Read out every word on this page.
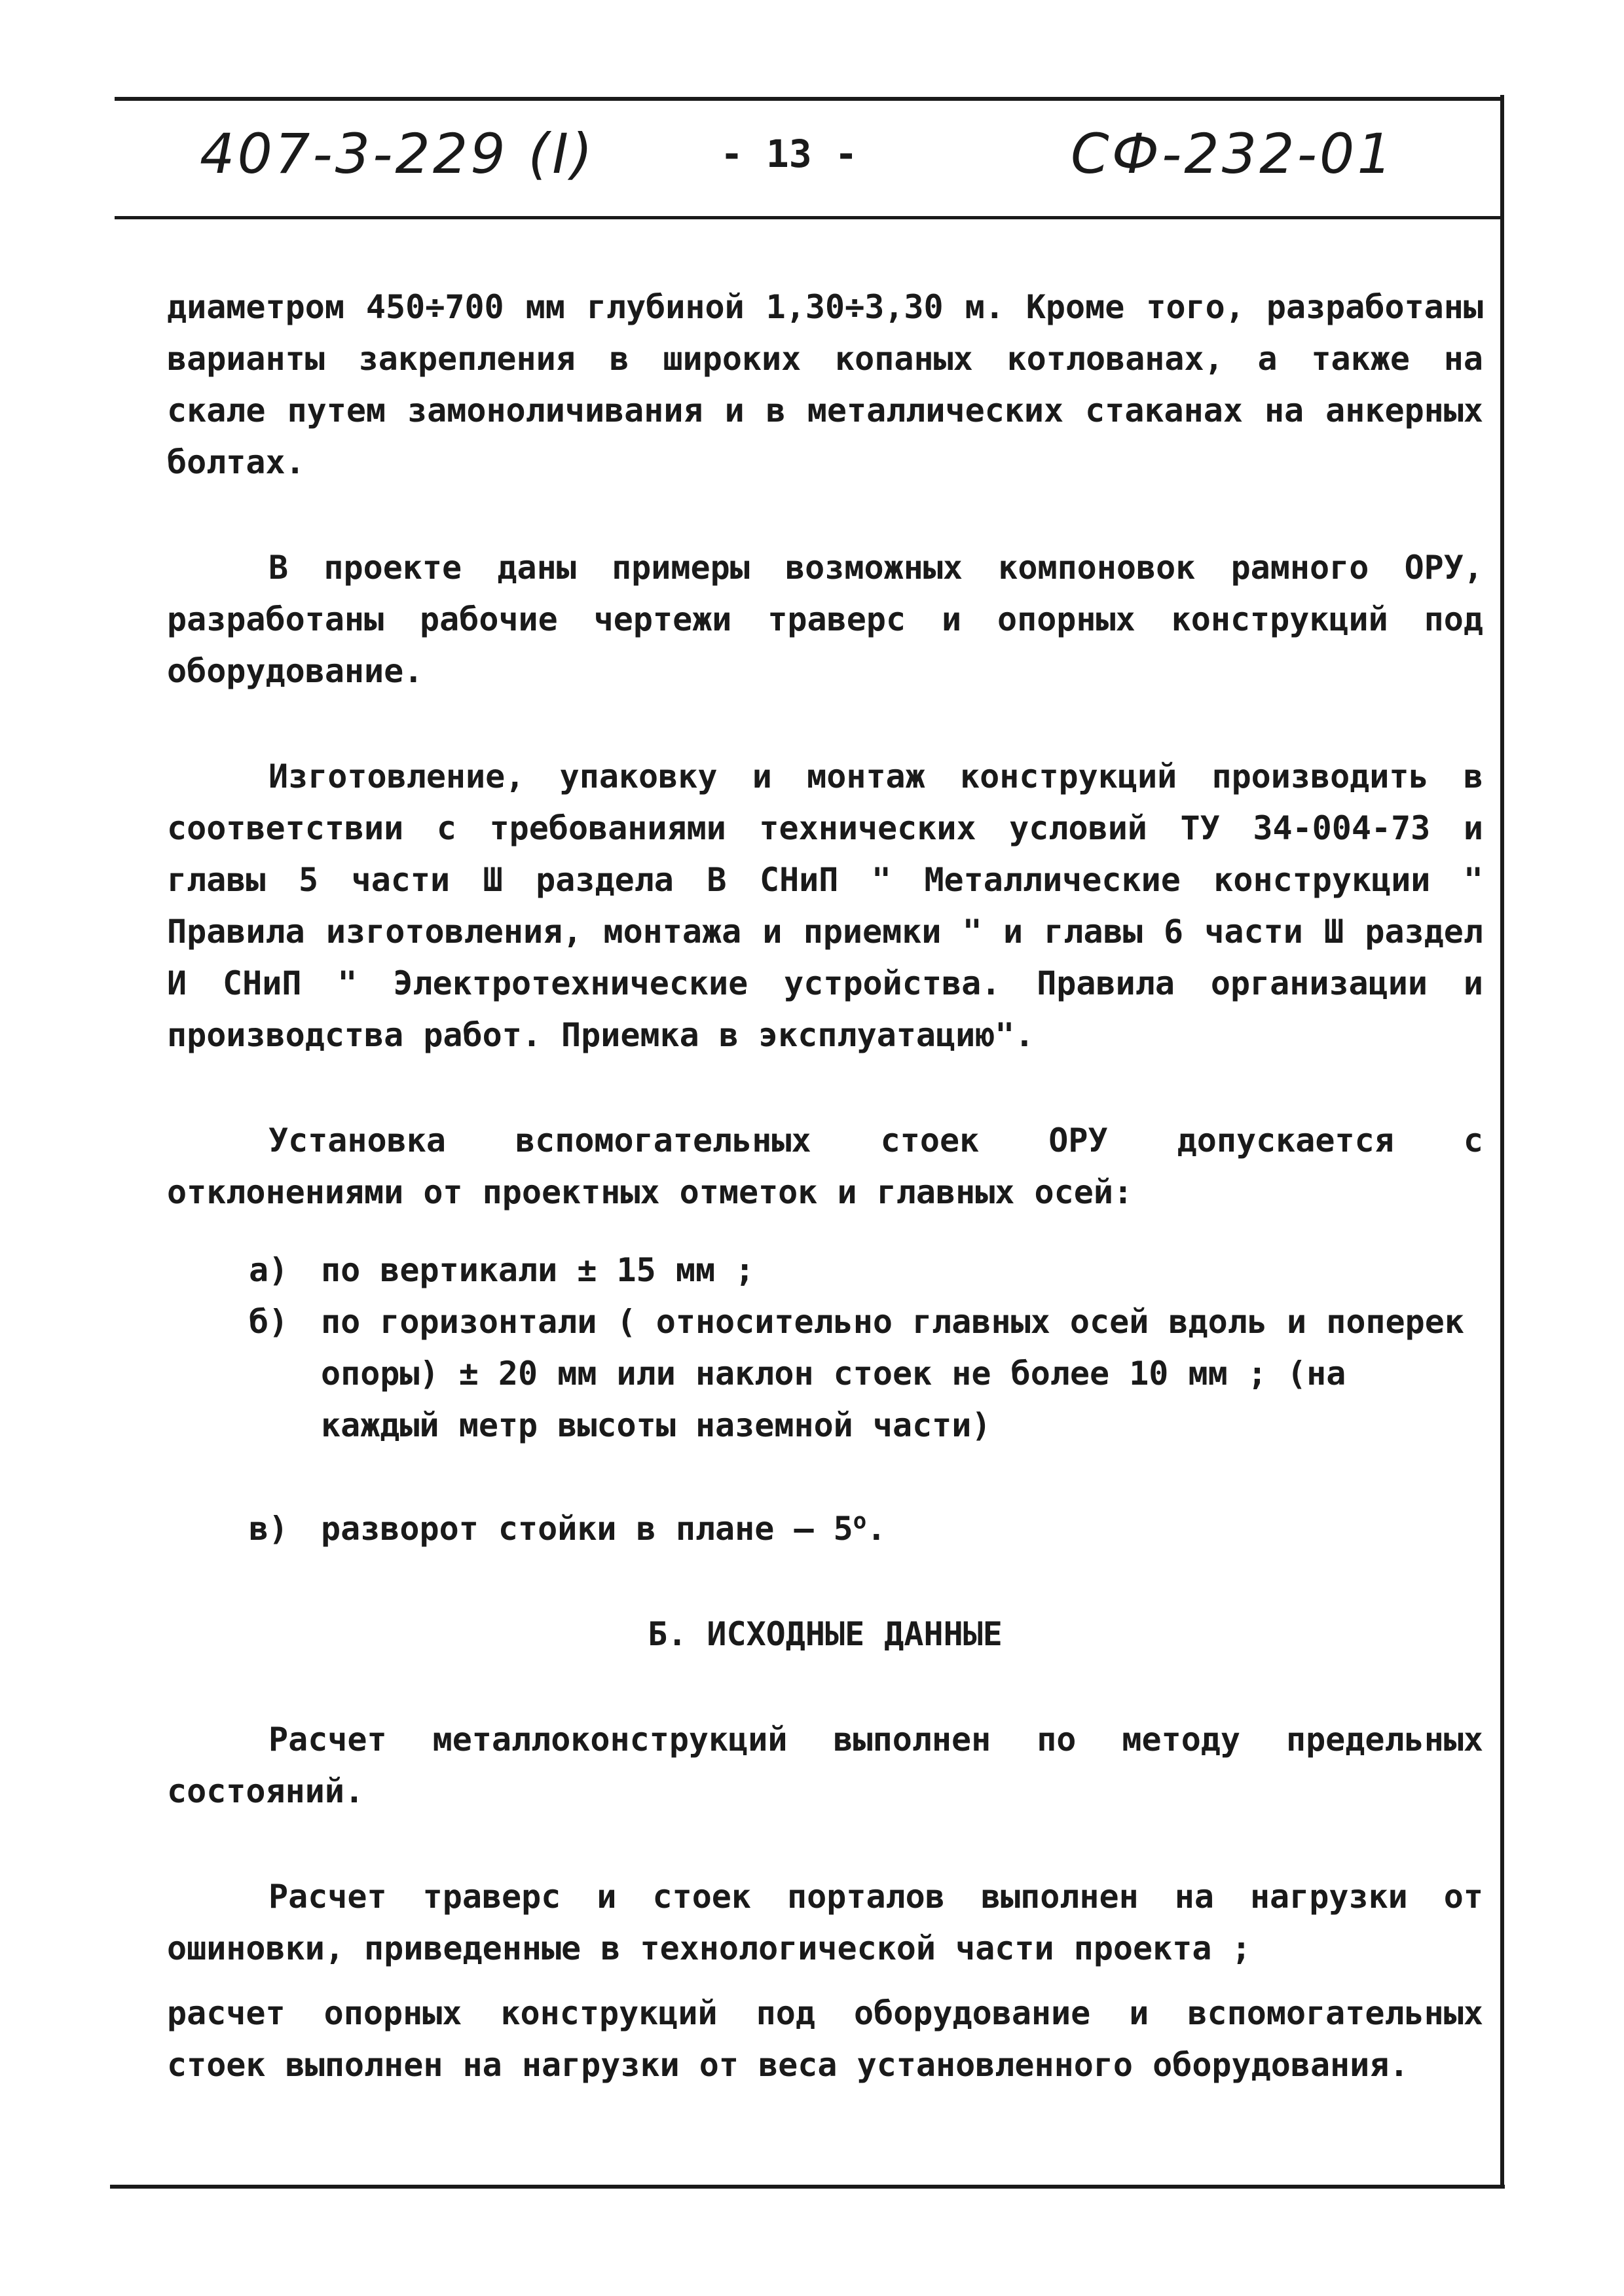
407-3-229 (I)	- 13 -	СФ-232-01

диаметром 450÷700 мм глубиной 1,30÷3,30 м. Кроме того, разработаны варианты закрепления в широких копаных котлованах, а также на скале путем замоноличивания и в металлических стаканах на анкерных болтах.

В проекте даны примеры возможных компоновок рамного ОРУ, разработаны рабочие чертежи траверс и опорных конструкций под оборудование.

Изготовление, упаковку и монтаж конструкций производить в соответствии с требованиями технических условий ТУ 34-004-73 и главы 5 части Ш раздела В СНиП " Металлические конструкции " Правила изготовления, монтажа и приемки " и главы 6 части Ш раздел И СНиП " Электротехнические устройства. Правила организации и производства работ. Приемка в эксплуатацию".

Установка вспомогательных стоек ОРУ допускается с отклонениями от проектных отметок и главных осей:

а) по вертикали ± 15 мм ;
б) по горизонтали ( относительно главных осей вдоль и поперек опоры) ± 20 мм или наклон стоек не более 10 мм ; (на каждый метр высоты наземной части)
в) разворот стойки в плане – $5^о$.
Б. ИСХОДНЫЕ ДАННЫЕ

Расчет металлоконструкций выполнен по методу предельных состояний.

Расчет траверс и стоек порталов выполнен на нагрузки от ошиновки, приведенные в технологической части проекта ;

расчет опорных конструкций под оборудование и вспомогательных стоек выполнен на нагрузки от веса установленного оборудования.
